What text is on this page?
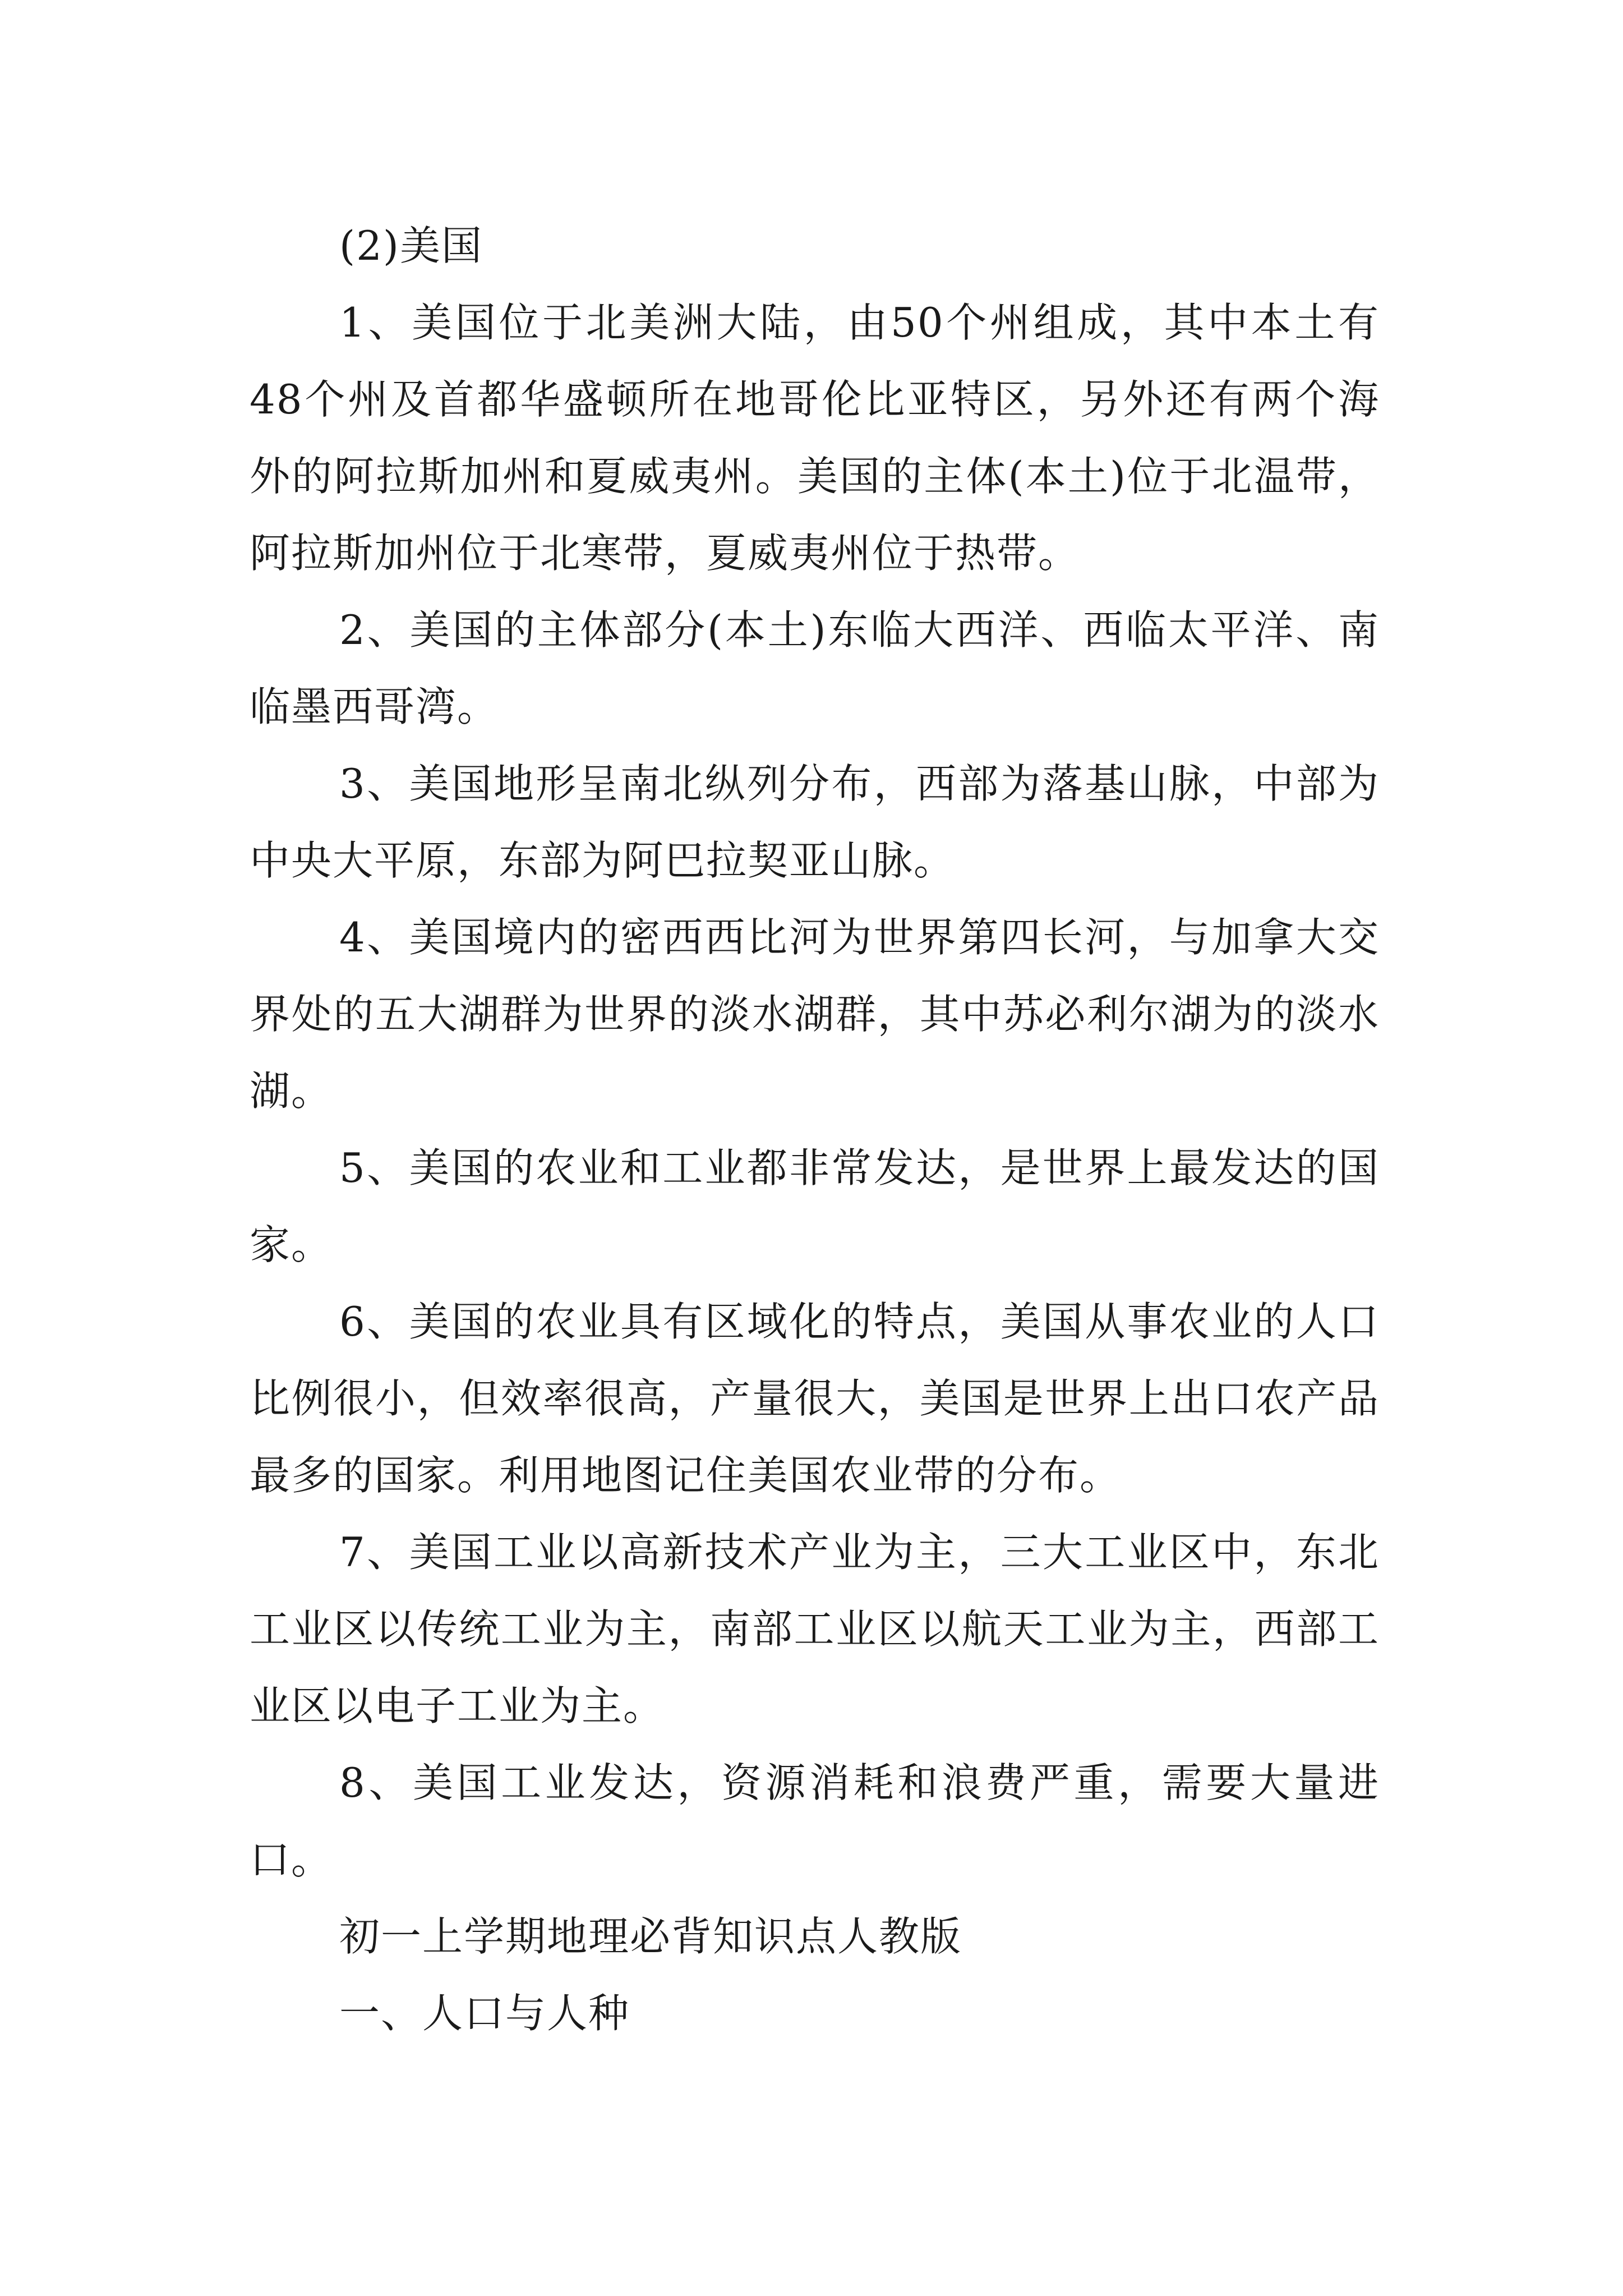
(2)美国

1、美国位于北美洲大陆，由50个州组成，其中本土有48个州及首都华盛顿所在地哥伦比亚特区，另外还有两个海外的阿拉斯加州和夏威夷州。美国的主体(本土)位于北温带，阿拉斯加州位于北寒带，夏威夷州位于热带。

2、美国的主体部分(本土)东临大西洋、西临太平洋、南临墨西哥湾。

3、美国地形呈南北纵列分布，西部为落基山脉，中部为中央大平原，东部为阿巴拉契亚山脉。

4、美国境内的密西西比河为世界第四长河，与加拿大交界处的五大湖群为世界的淡水湖群，其中苏必利尔湖为的淡水湖。

5、美国的农业和工业都非常发达，是世界上最发达的国家。

6、美国的农业具有区域化的特点，美国从事农业的人口比例很小，但效率很高，产量很大，美国是世界上出口农产品最多的国家。利用地图记住美国农业带的分布。

7、美国工业以高新技术产业为主，三大工业区中，东北工业区以传统工业为主，南部工业区以航天工业为主，西部工业区以电子工业为主。

8、美国工业发达，资源消耗和浪费严重，需要大量进口。

初一上学期地理必背知识点人教版

一、人口与人种
